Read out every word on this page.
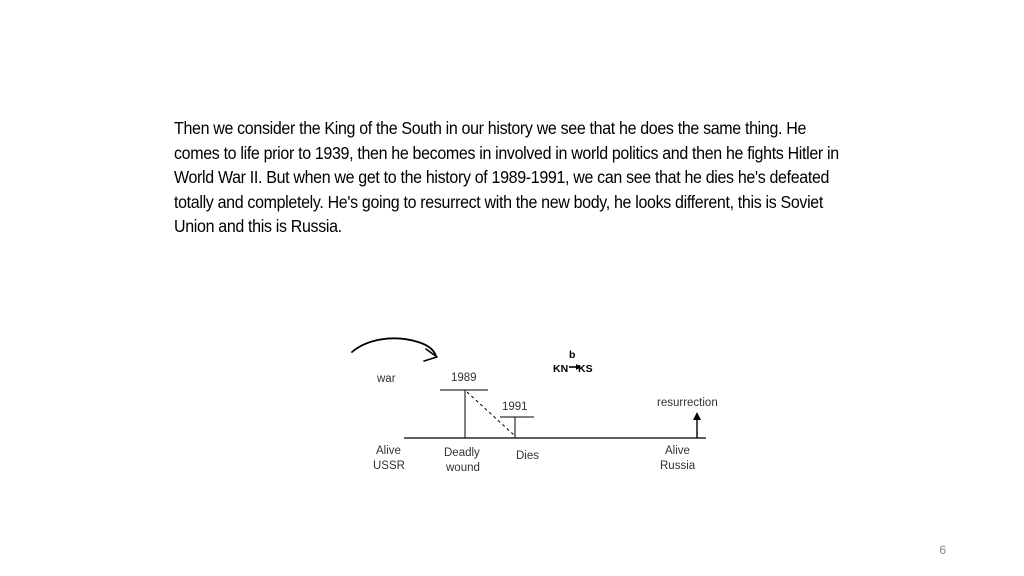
Then we consider the King of the South in our history we see that he does the same thing. He comes to life prior to 1939, then he becomes in involved in world politics and then he fights Hitler in World War II. But when we get to the history of 1989-1991, we can see that he dies he's defeated totally and completely. He's going to resurrect with the new body, he looks different, this is Soviet Union and this is Russia.

war	1989
1991
b
KN KS
resurrection
Alive
USSR
Deadly
wound
Dies	Alive
Russia
6
